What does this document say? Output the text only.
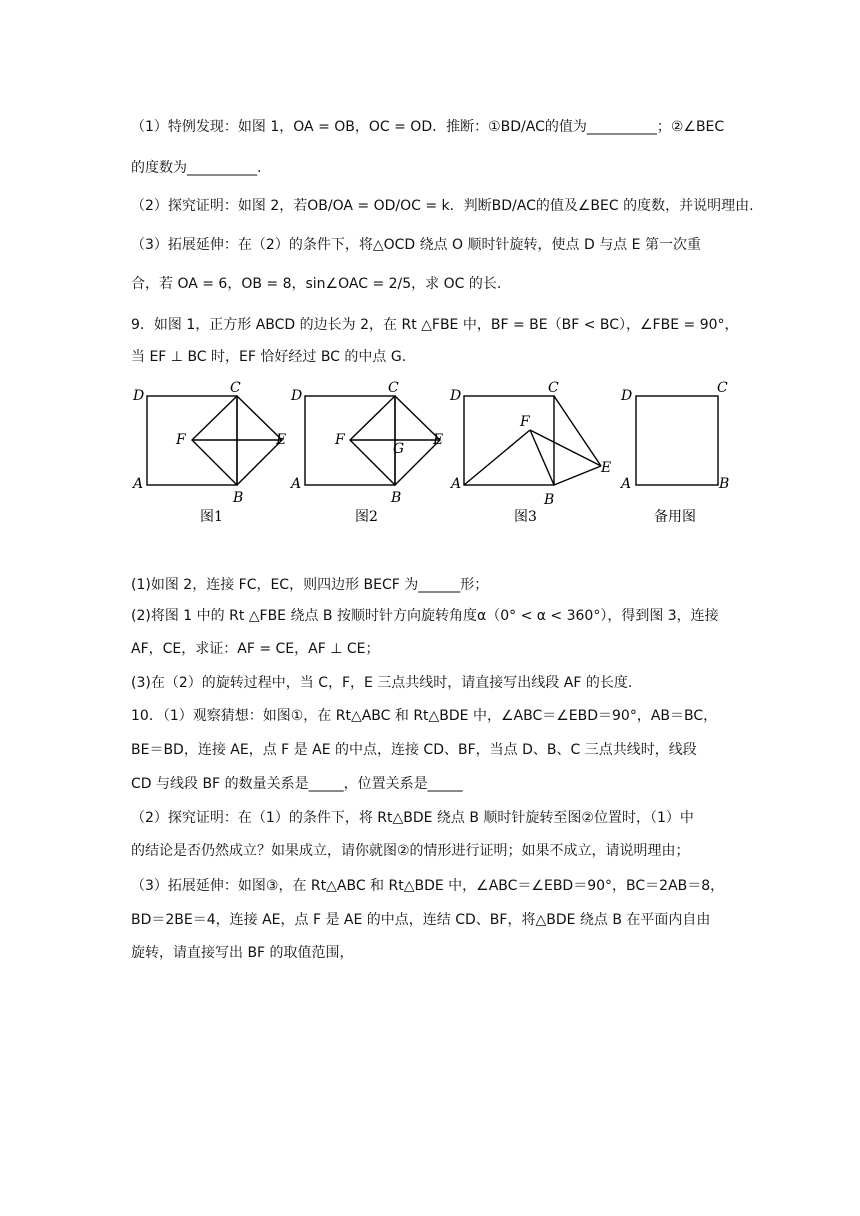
（1）特例发现：如图 1，OA = OB，OC = OD．推断：①BD/AC的值为__________；②∠BEC
的度数为__________.
（2）探究证明：如图 2，若OB/OA = OD/OC = k．判断BD/AC的值及∠BEC 的度数，并说明理由.
（3）拓展延伸：在（2）的条件下，将△OCD 绕点 O 顺时针旋转，使点 D 与点 E 第一次重
合，若 OA = 6，OB = 8，sin∠OAC = 2/5，求 OC 的长.
9．如图 1，正方形 ABCD 的边长为 2，在 Rt △FBE 中，BF = BE（BF < BC），∠FBE = 90°，
当 EF ⊥ BC 时，EF 恰好经过 BC 的中点 G.
D	C
F	E
A
B
D	C
F
G
E
A
B
D	C
F
E
A
B
D	C
A	B
图1	图2	图3	备用图
(1)如图 2，连接 FC，EC，则四边形 BECF 为______形；
(2)将图 1 中的 Rt △FBE 绕点 B 按顺时针方向旋转角度α（0° < α < 360°），得到图 3，连接
AF，CE，求证：AF = CE，AF ⊥ CE；
(3)在（2）的旋转过程中，当 C，F，E 三点共线时，请直接写出线段 AF 的长度.
10．（1）观察猜想：如图①，在 Rt△ABC 和 Rt△BDE 中，∠ABC＝∠EBD＝90°，AB＝BC，
BE＝BD，连接 AE，点 F 是 AE 的中点，连接 CD、BF，当点 D、B、C 三点共线时，线段
CD 与线段 BF 的数量关系是_____，位置关系是_____
（2）探究证明：在（1）的条件下，将 Rt△BDE 绕点 B 顺时针旋转至图②位置时，（1）中
的结论是否仍然成立？如果成立，请你就图②的情形进行证明；如果不成立，请说明理由；
（3）拓展延伸：如图③，在 Rt△ABC 和 Rt△BDE 中，∠ABC＝∠EBD＝90°，BC＝2AB＝8，
BD＝2BE＝4，连接 AE，点 F 是 AE 的中点，连结 CD、BF，将△BDE 绕点 B 在平面内自由
旋转，请直接写出 BF 的取值范围，
